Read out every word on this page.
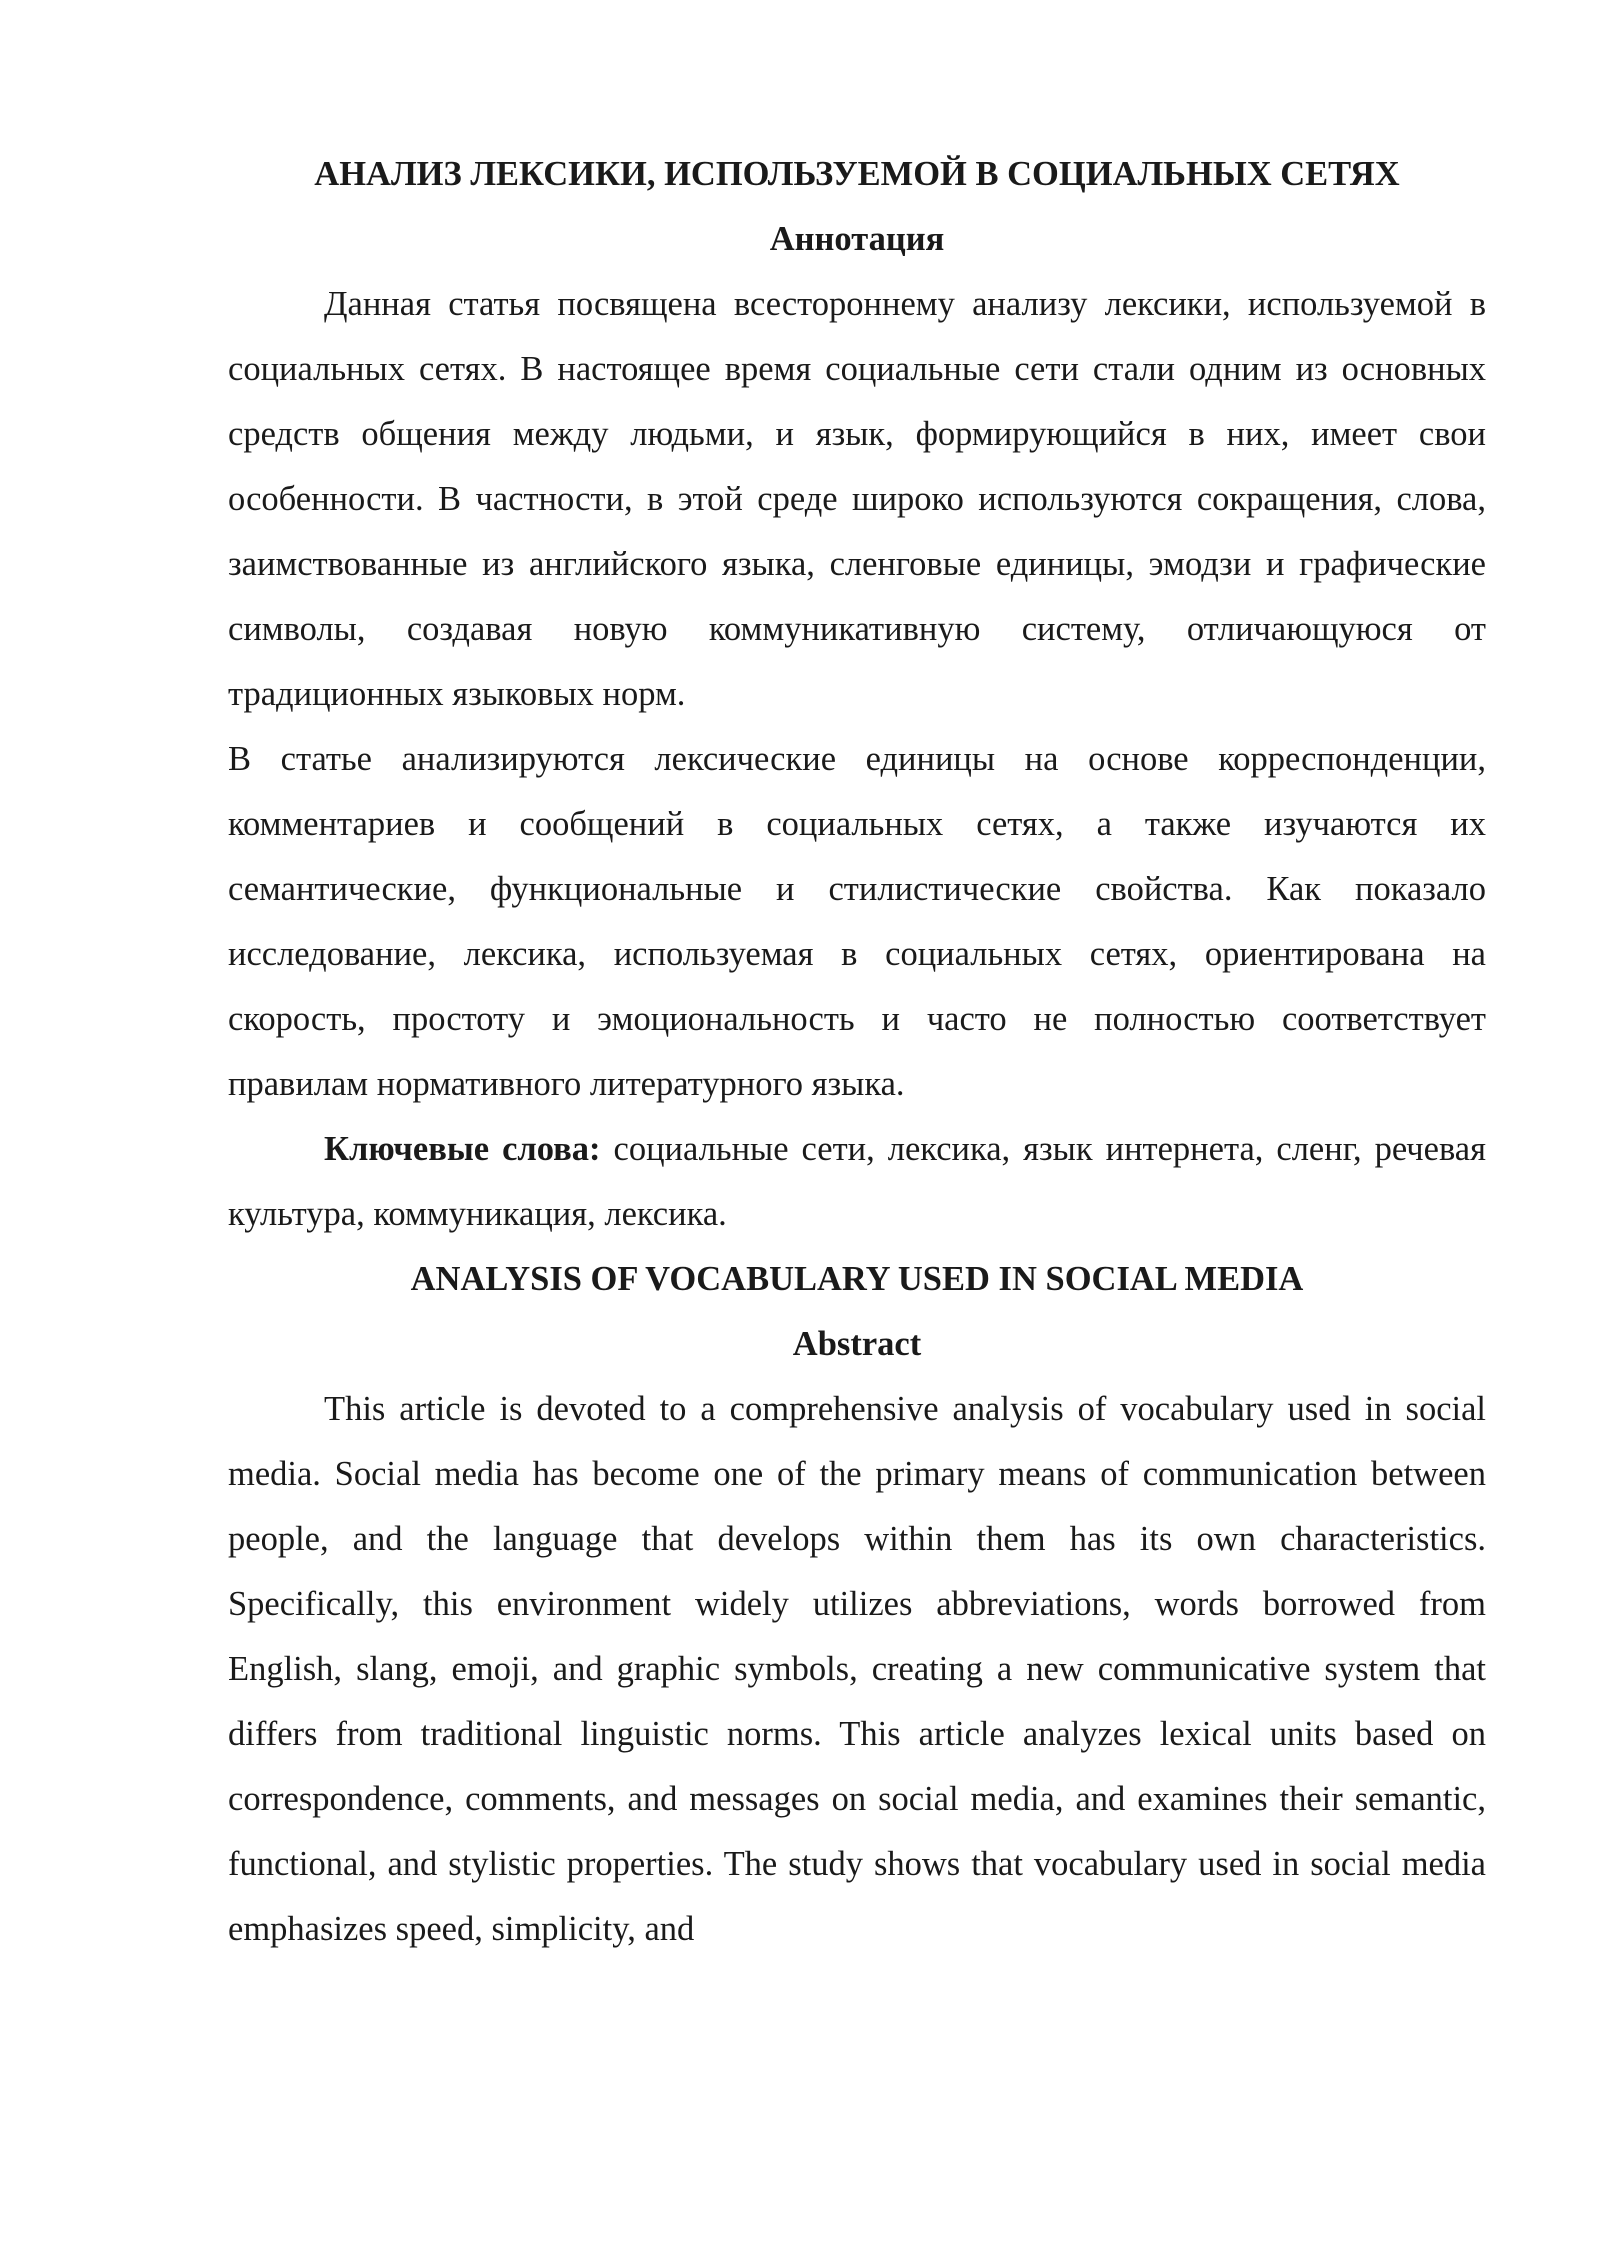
АНАЛИЗ ЛЕКСИКИ, ИСПОЛЬЗУЕМОЙ В СОЦИАЛЬНЫХ СЕТЯХ
Аннотация

Данная статья посвящена всестороннему анализу лексики, используемой в социальных сетях. В настоящее время социальные сети стали одним из основных средств общения между людьми, и язык, формирующийся в них, имеет свои особенности. В частности, в этой среде широко используются сокращения, слова, заимствованные из английского языка, сленговые единицы, эмодзи и графические символы, создавая новую коммуникативную систему, отличающуюся от традиционных языковых норм.

В статье анализируются лексические единицы на основе корреспонденции, комментариев и сообщений в социальных сетях, а также изучаются их семантические, функциональные и стилистические свойства. Как показало исследование, лексика, используемая в социальных сетях, ориентирована на скорость, простоту и эмоциональность и часто не полностью соответствует правилам нормативного литературного языка.

Ключевые слова: социальные сети, лексика, язык интернета, сленг, речевая культура, коммуникация, лексика.

ANALYSIS OF VOCABULARY USED IN SOCIAL MEDIA
Abstract

This article is devoted to a comprehensive analysis of vocabulary used in social media. Social media has become one of the primary means of communication between people, and the language that develops within them has its own characteristics. Specifically, this environment widely utilizes abbreviations, words borrowed from English, slang, emoji, and graphic symbols, creating a new communicative system that differs from traditional linguistic norms. This article analyzes lexical units based on correspondence, comments, and messages on social media, and examines their semantic, functional, and stylistic properties. The study shows that vocabulary used in social media emphasizes speed, simplicity, and
